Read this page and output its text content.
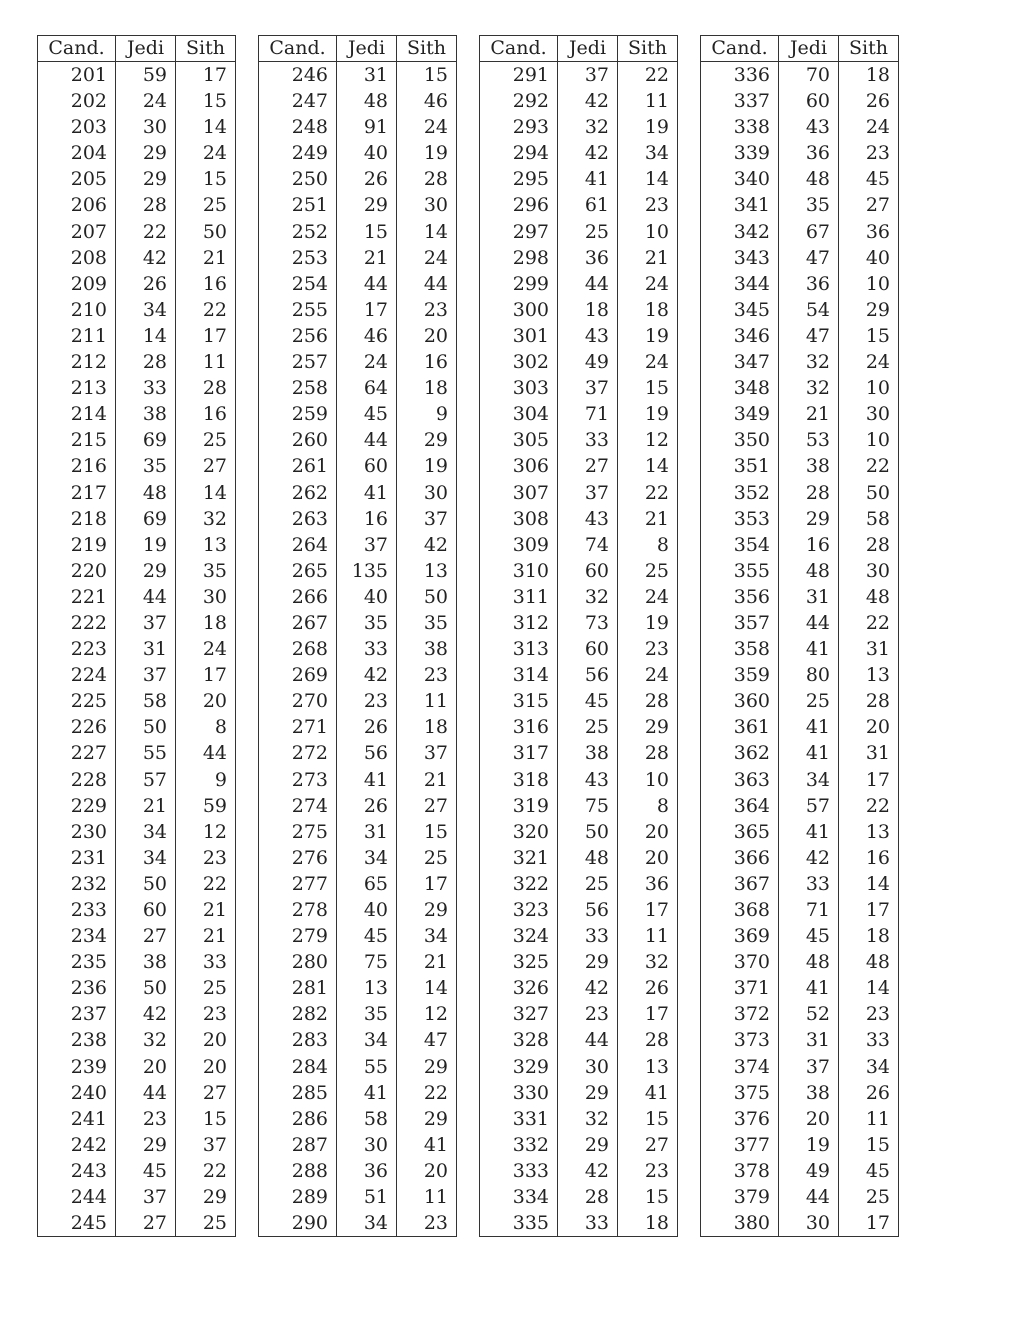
Cand.	Jedi	Sith
201	59	17
202	24	15
203	30	14
204	29	24
205	29	15
206	28	25
207	22	50
208	42	21
209	26	16
210	34	22
211	14	17
212	28	11
213	33	28
214	38	16
215	69	25
216	35	27
217	48	14
218	69	32
219	19	13
220	29	35
221	44	30
222	37	18
223	31	24
224	37	17
225	58	20
226	50	8
227	55	44
228	57	9
229	21	59
230	34	12
231	34	23
232	50	22
233	60	21
234	27	21
235	38	33
236	50	25
237	42	23
238	32	20
239	20	20
240	44	27
241	23	15
242	29	37
243	45	22
244	37	29
245	27	25
Cand.	Jedi	Sith
246	31	15
247	48	46
248	91	24
249	40	19
250	26	28
251	29	30
252	15	14
253	21	24
254	44	44
255	17	23
256	46	20
257	24	16
258	64	18
259	45	9
260	44	29
261	60	19
262	41	30
263	16	37
264	37	42
265	135	13
266	40	50
267	35	35
268	33	38
269	42	23
270	23	11
271	26	18
272	56	37
273	41	21
274	26	27
275	31	15
276	34	25
277	65	17
278	40	29
279	45	34
280	75	21
281	13	14
282	35	12
283	34	47
284	55	29
285	41	22
286	58	29
287	30	41
288	36	20
289	51	11
290	34	23
Cand.	Jedi	Sith
291	37	22
292	42	11
293	32	19
294	42	34
295	41	14
296	61	23
297	25	10
298	36	21
299	44	24
300	18	18
301	43	19
302	49	24
303	37	15
304	71	19
305	33	12
306	27	14
307	37	22
308	43	21
309	74	8
310	60	25
311	32	24
312	73	19
313	60	23
314	56	24
315	45	28
316	25	29
317	38	28
318	43	10
319	75	8
320	50	20
321	48	20
322	25	36
323	56	17
324	33	11
325	29	32
326	42	26
327	23	17
328	44	28
329	30	13
330	29	41
331	32	15
332	29	27
333	42	23
334	28	15
335	33	18
Cand.	Jedi	Sith
336	70	18
337	60	26
338	43	24
339	36	23
340	48	45
341	35	27
342	67	36
343	47	40
344	36	10
345	54	29
346	47	15
347	32	24
348	32	10
349	21	30
350	53	10
351	38	22
352	28	50
353	29	58
354	16	28
355	48	30
356	31	48
357	44	22
358	41	31
359	80	13
360	25	28
361	41	20
362	41	31
363	34	17
364	57	22
365	41	13
366	42	16
367	33	14
368	71	17
369	45	18
370	48	48
371	41	14
372	52	23
373	31	33
374	37	34
375	38	26
376	20	11
377	19	15
378	49	45
379	44	25
380	30	17
